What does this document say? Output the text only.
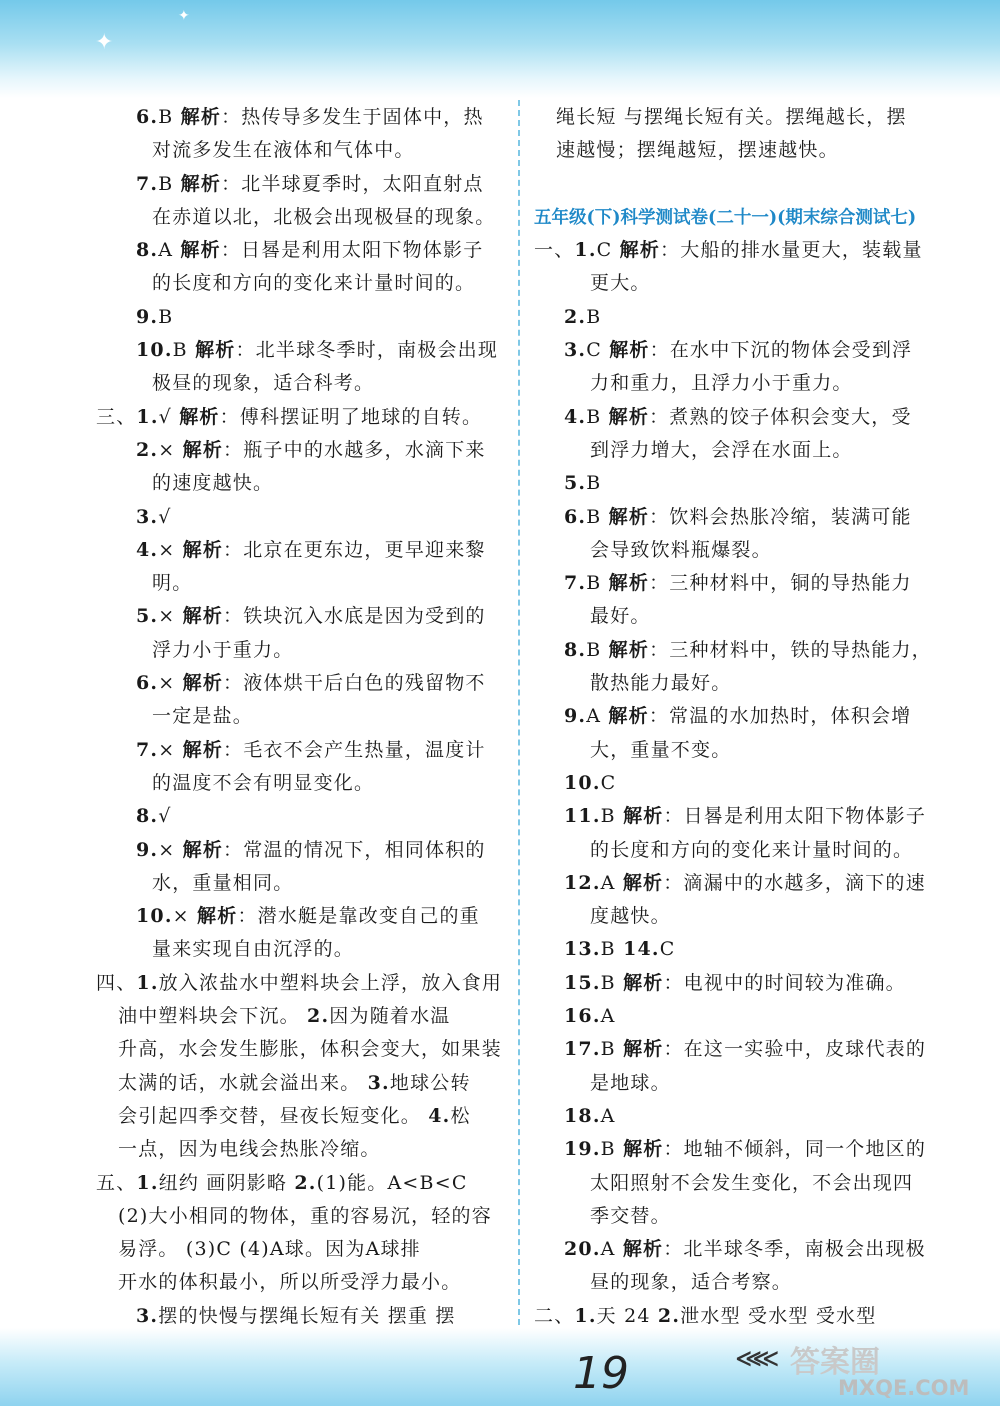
✦
✦
6.B 解析：热传导多发生于固体中，热
对流多发生在液体和气体中。
7.B 解析：北半球夏季时，太阳直射点
在赤道以北，北极会出现极昼的现象。
8.A 解析：日晷是利用太阳下物体影子
的长度和方向的变化来计量时间的。
9.B
10.B 解析：北半球冬季时，南极会出现
极昼的现象，适合科考。
三、1.√ 解析：傅科摆证明了地球的自转。
2.× 解析：瓶子中的水越多，水滴下来
的速度越快。
3.√
4.× 解析：北京在更东边，更早迎来黎
明。
5.× 解析：铁块沉入水底是因为受到的
浮力小于重力。
6.× 解析：液体烘干后白色的残留物不
一定是盐。
7.× 解析：毛衣不会产生热量，温度计
的温度不会有明显变化。
8.√
9.× 解析：常温的情况下，相同体积的
水，重量相同。
10.× 解析：潜水艇是靠改变自己的重
量来实现自由沉浮的。
四、1.放入浓盐水中塑料块会上浮，放入食用
油中塑料块会下沉。 2.因为随着水温
升高，水会发生膨胀，体积会变大，如果装
太满的话，水就会溢出来。 3.地球公转
会引起四季交替，昼夜长短变化。 4.松
一点，因为电线会热胀冷缩。
五、1.纽约 画阴影略 2.(1)能。A<B<C
(2)大小相同的物体，重的容易沉，轻的容
易浮。 (3)C (4)A球。因为A球排
开水的体积最小，所以所受浮力最小。
3.摆的快慢与摆绳长短有关 摆重 摆
绳长短 与摆绳长短有关。摆绳越长，摆
速越慢；摆绳越短，摆速越快。
五年级(下)科学测试卷(二十一)(期末综合测试七)
一、1.C 解析：大船的排水量更大，装载量
更大。
2.B
3.C 解析：在水中下沉的物体会受到浮
力和重力，且浮力小于重力。
4.B 解析：煮熟的饺子体积会变大，受
到浮力增大，会浮在水面上。
5.B
6.B 解析：饮料会热胀冷缩，装满可能
会导致饮料瓶爆裂。
7.B 解析：三种材料中，铜的导热能力
最好。
8.B 解析：三种材料中，铁的导热能力，
散热能力最好。
9.A 解析：常温的水加热时，体积会增
大，重量不变。
10.C
11.B 解析：日晷是利用太阳下物体影子
的长度和方向的变化来计量时间的。
12.A 解析：滴漏中的水越多，滴下的速
度越快。
13.B 14.C
15.B 解析：电视中的时间较为准确。
16.A
17.B 解析：在这一实验中，皮球代表的
是地球。
18.A
19.B 解析：地轴不倾斜，同一个地区的
太阳照射不会发生变化，不会出现四
季交替。
20.A 解析：北半球冬季，南极会出现极
昼的现象，适合考察。
二、1.天 24 2.泄水型 受水型 受水型
19	≪≪ 答案圈
MXQE.COM
